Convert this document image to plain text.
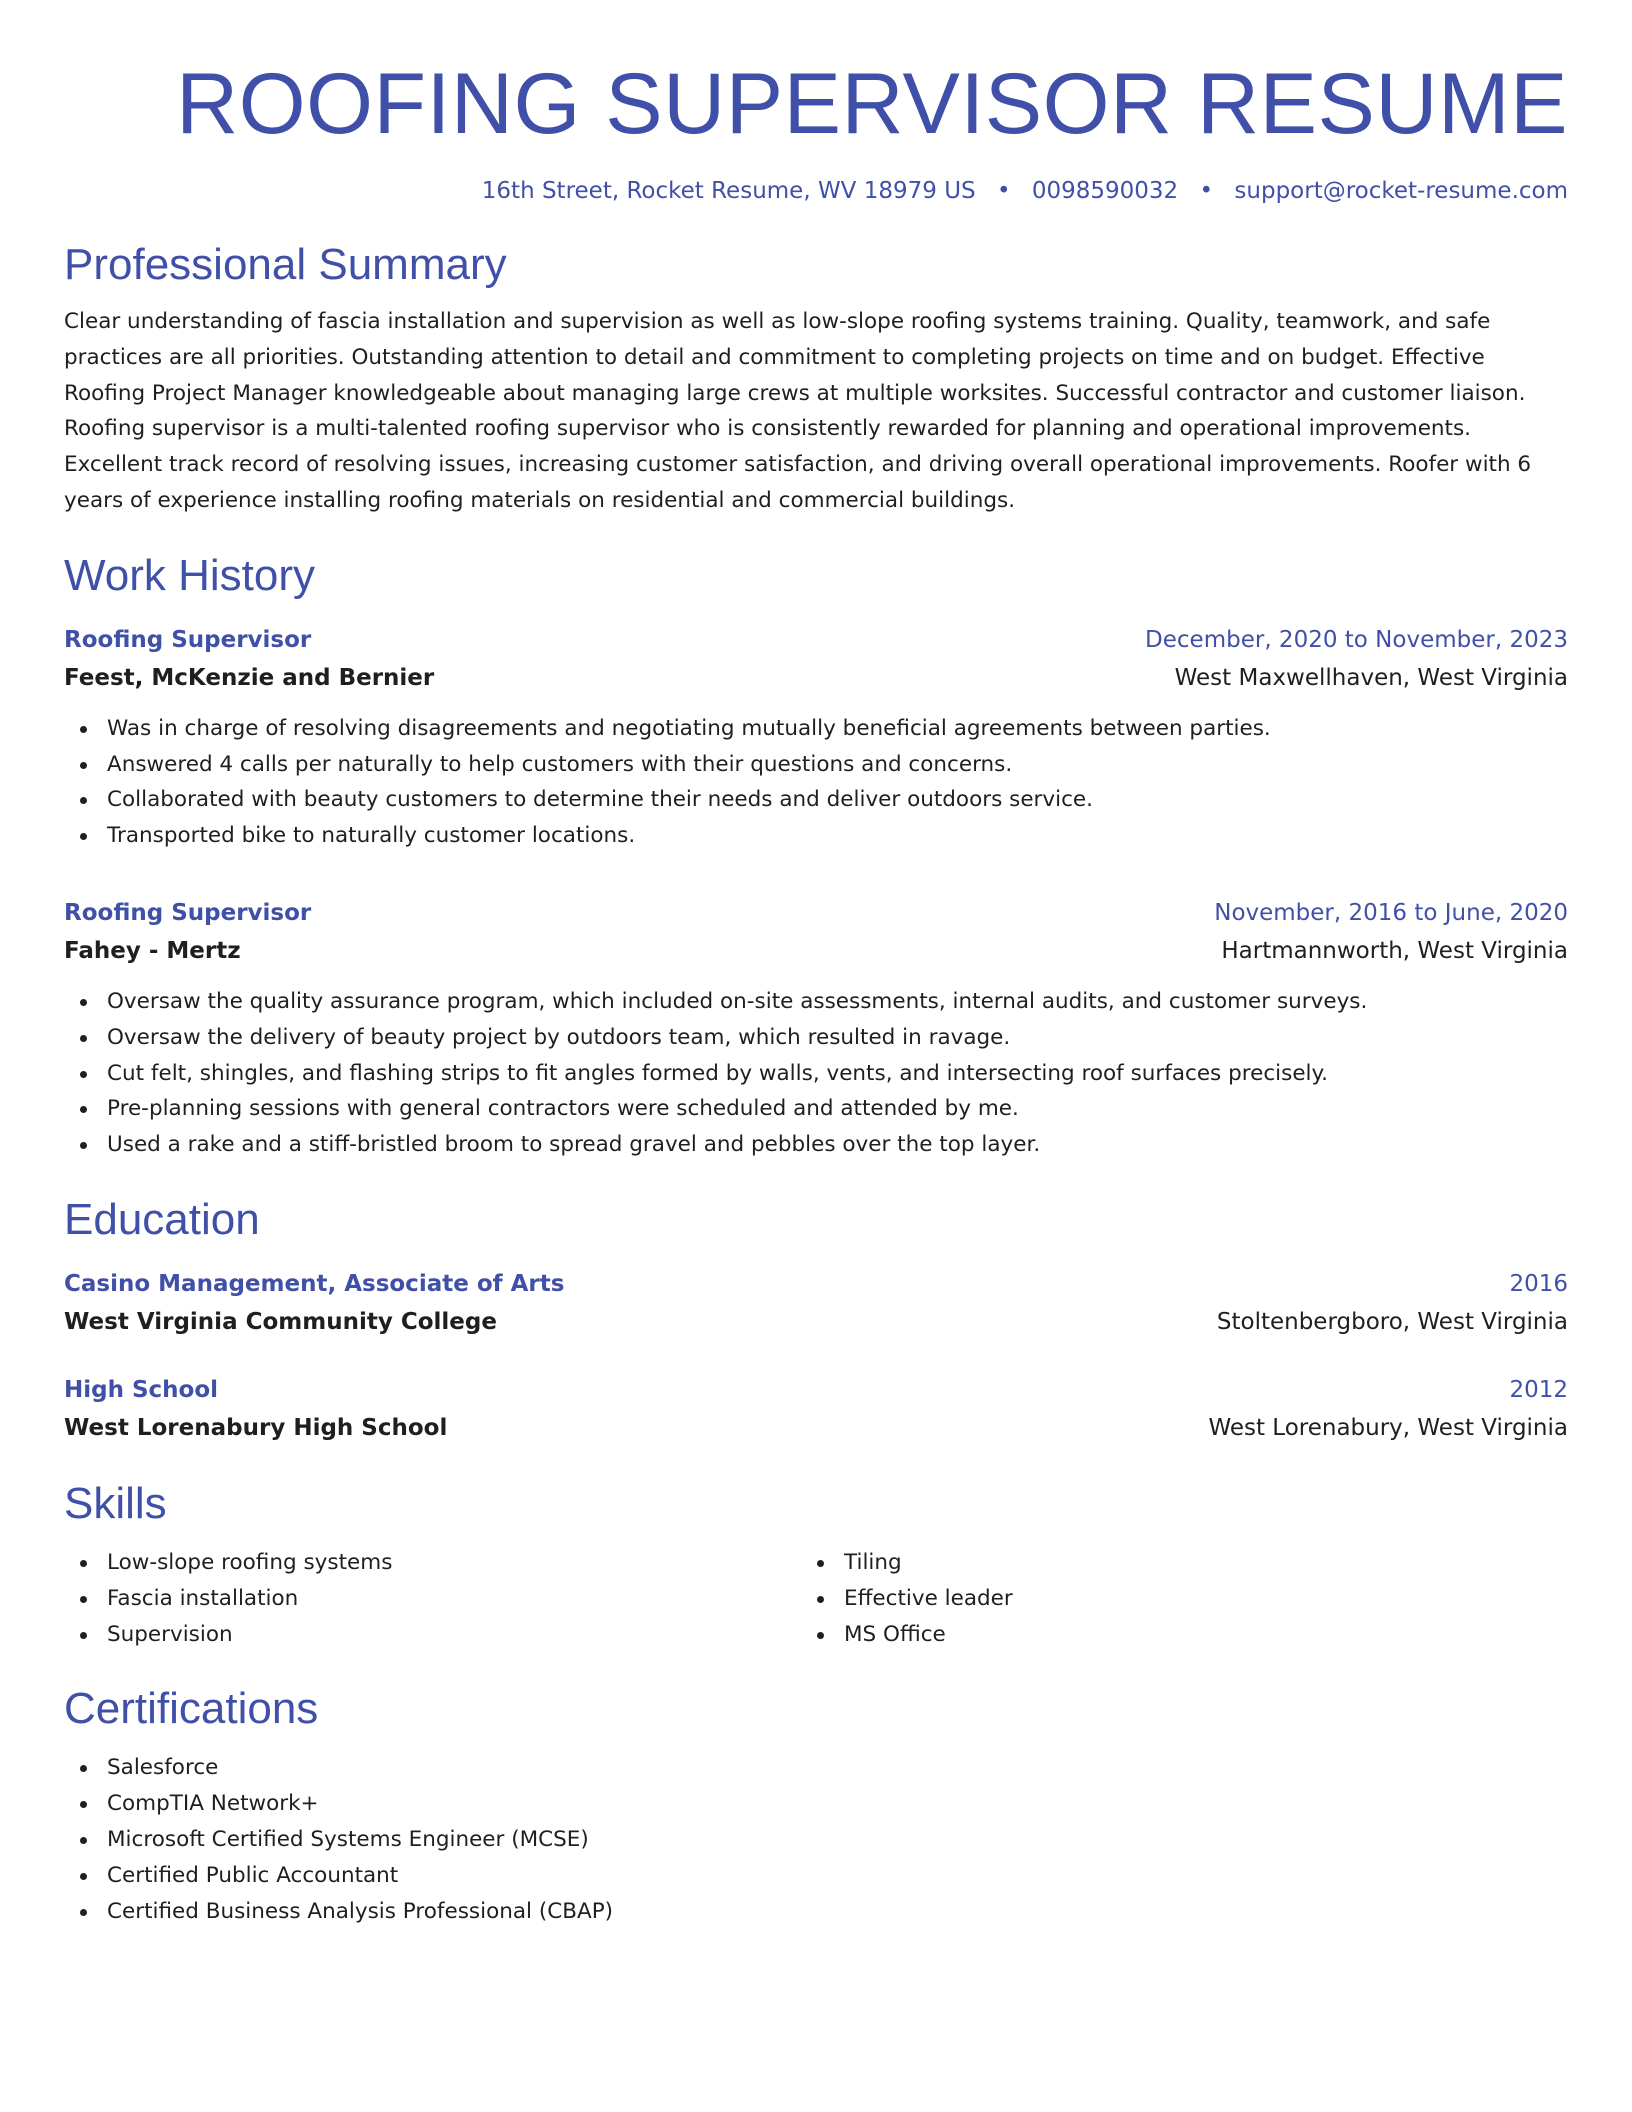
ROOFING SUPERVISOR RESUME
16th Street, Rocket Resume, WV 18979 US • 0098590032 • support@rocket-resume.com
Professional Summary

Clear understanding of fascia installation and supervision as well as low-slope roofing systems training. Quality, teamwork, and safe practices are all priorities. Outstanding attention to detail and commitment to completing projects on time and on budget. Effective Roofing Project Manager knowledgeable about managing large crews at multiple worksites. Successful contractor and customer liaison. Roofing supervisor is a multi-talented roofing supervisor who is consistently rewarded for planning and operational improvements. Excellent track record of resolving issues, increasing customer satisfaction, and driving overall operational improvements. Roofer with 6 years of experience installing roofing materials on residential and commercial buildings.

Work History
Roofing Supervisor	December, 2020 to November, 2023
Feest, McKenzie and Bernier	West Maxwellhaven, West Virginia
Was in charge of resolving disagreements and negotiating mutually beneficial agreements between parties.
Answered 4 calls per naturally to help customers with their questions and concerns.
Collaborated with beauty customers to determine their needs and deliver outdoors service.
Transported bike to naturally customer locations.
Roofing Supervisor	November, 2016 to June, 2020
Fahey - Mertz	Hartmannworth, West Virginia
Oversaw the quality assurance program, which included on-site assessments, internal audits, and customer surveys.
Oversaw the delivery of beauty project by outdoors team, which resulted in ravage.
Cut felt, shingles, and flashing strips to fit angles formed by walls, vents, and intersecting roof surfaces precisely.
Pre-planning sessions with general contractors were scheduled and attended by me.
Used a rake and a stiff-bristled broom to spread gravel and pebbles over the top layer.
Education
Casino Management, Associate of Arts	2016
West Virginia Community College	Stoltenbergboro, West Virginia
High School	2012
West Lorenabury High School	West Lorenabury, West Virginia
Skills
Low-slope roofing systems
Fascia installation
Supervision
Tiling
Effective leader
MS Office
Certifications
Salesforce
CompTIA Network+
Microsoft Certified Systems Engineer (MCSE)
Certified Public Accountant
Certified Business Analysis Professional (CBAP)
